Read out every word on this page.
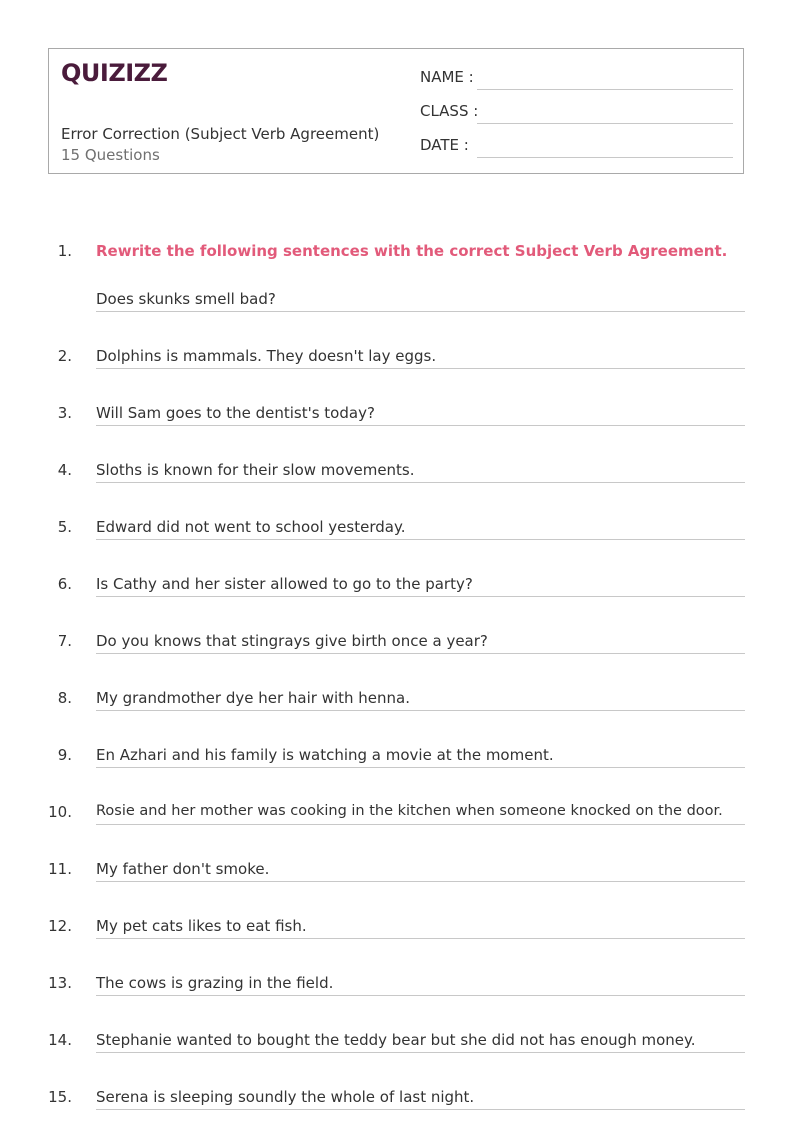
QUIZIZZ
Error Correction (Subject Verb Agreement)
15 Questions
NAME :
CLASS :
DATE :
1. Rewrite the following sentences with the correct Subject Verb Agreement.
Does skunks smell bad?
2. Dolphins is mammals. They doesn't lay eggs.
3. Will Sam goes to the dentist's today?
4. Sloths is known for their slow movements.
5. Edward did not went to school yesterday.
6. Is Cathy and her sister allowed to go to the party?
7. Do you knows that stingrays give birth once a year?
8. My grandmother dye her hair with henna.
9. En Azhari and his family is watching a movie at the moment.
10. Rosie and her mother was cooking in the kitchen when someone knocked on the door.
11. My father don't smoke.
12. My pet cats likes to eat fish.
13. The cows is grazing in the field.
14. Stephanie wanted to bought the teddy bear but she did not has enough money.
15. Serena is sleeping soundly the whole of last night.
